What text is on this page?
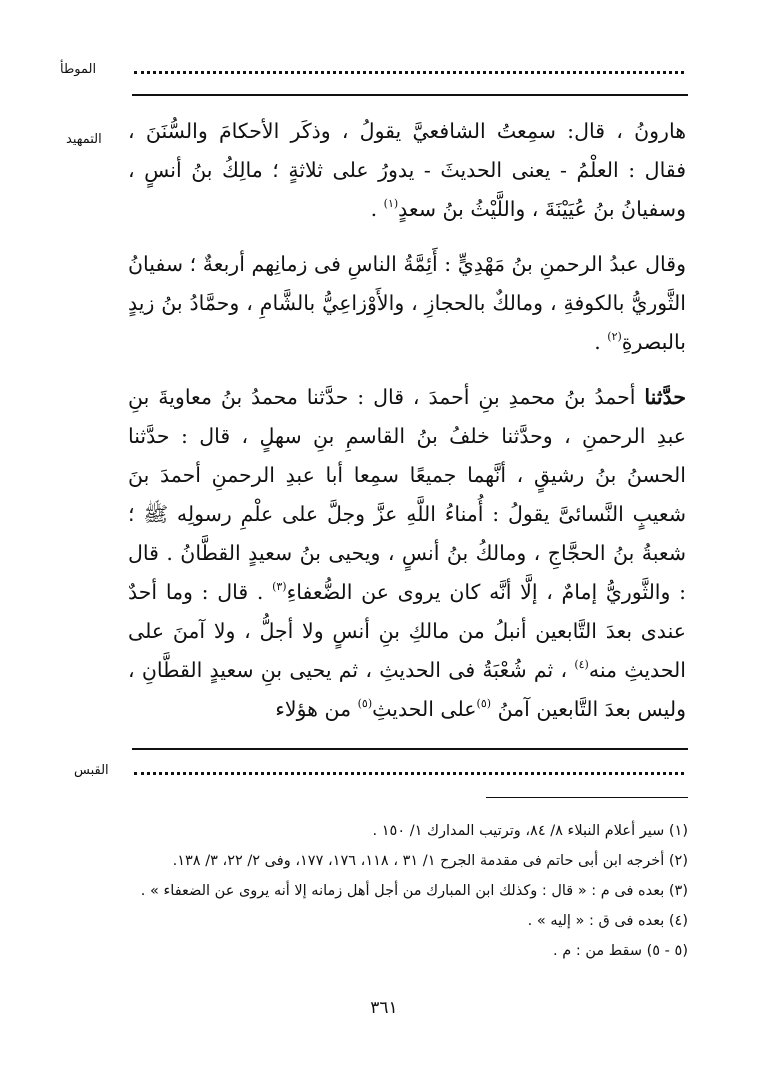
الموطأ
التمهيد هارونُ ، قال: سمِعتُ الشافعيَّ يقولُ ، وذكَر الأحكامَ والسُّنَنَ ، فقال : العلْمُ - يعنى الحديثَ - يدورُ على ثلاثةٍ ؛ مالِكُ بنُ أنسٍ ، وسفيانُ بنُ عُيَيْنَةَ ، واللَّيْثُ بنُ سعدٍ$^{(١)}$ .

وقال عبدُ الرحمنِ بنُ مَهْدِيٍّ : أَئِمَّةُ الناسِ فى زمانِهم أربعةٌ ؛ سفيانُ الثَّوريُّ بالكوفةِ ، ومالكٌ بالحجازِ ، والأَوْزاعِيُّ بالشَّامِ ، وحمَّادُ بنُ زيدٍ بالبصرةِ$^{(٢)}$ .

حدَّثنا أحمدُ بنُ محمدِ بنِ أحمدَ ، قال : حدَّثنا محمدُ بنُ معاويةَ بنِ عبدِ الرحمنِ ، وحدَّثنا خلفُ بنُ القاسمِ بنِ سهلٍ ، قال : حدَّثنا الحسنُ بنُ رشيقٍ ، أنَّهما جميعًا سمِعا أبا عبدِ الرحمنِ أحمدَ بنَ شعيبٍ النَّسائىَّ يقولُ : أُمناءُ اللَّهِ عزَّ وجلَّ على علْمِ رسولِه ﷺ ؛ شعبةُ بنُ الحجَّاجِ ، ومالكُ بنُ أنسٍ ، ويحيى بنُ سعيدٍ القطَّانُ . قال : والثَّوريُّ إمامٌ ، إلَّا أنَّه كان يروى عن الضُّعفاءِ$^{(٣)}$ . قال : وما أحدٌ عندى بعدَ التَّابعين أنبلُ من مالكِ بنِ أنسٍ ولا أجلُّ ، ولا آمنَ على الحديثِ منه$^{(٤)}$ ، ثم شُعْبَةُ فى الحديثِ ، ثم يحيى بنِ سعيدٍ القطَّانِ ، وليس بعدَ التَّابعين آمنُ $^{(٥)}$على الحديثِ$^{(٥)}$ من هؤلاء

القبس
(١) سير أعلام النبلاء ٨/ ٨٤، وترتيب المدارك ١/ ١٥٠ .
(٢) أخرجه ابن أبى حاتم فى مقدمة الجرح ١/ ٣١ ، ١١٨، ١٧٦، ١٧٧، وفى ٢/ ٢٢، ٣/ ١٣٨.
(٣) بعده فى م : « قال : وكذلك ابن المبارك من أجل أهل زمانه إلا أنه يروى عن الضعفاء » .
(٤) بعده فى ق : « إليه » .
(٥ - ٥) سقط من : م .
٣٦١
